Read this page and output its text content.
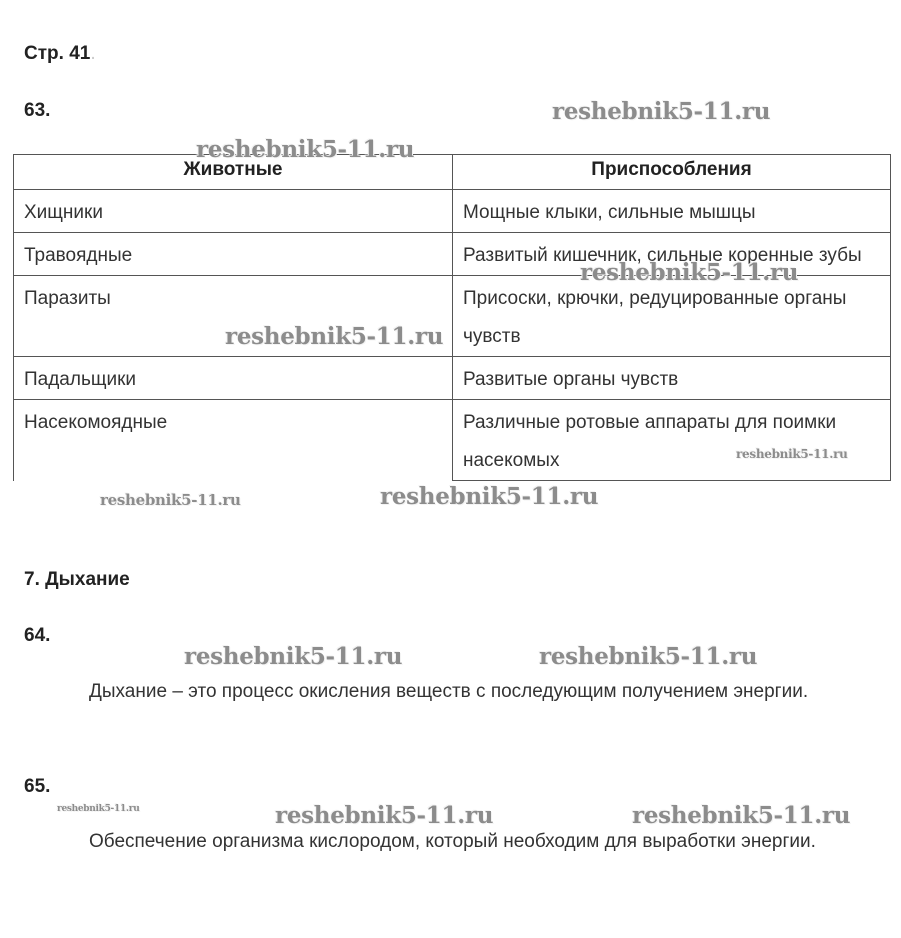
Стр. 41.
63.
Животные	Приспособления
Хищники	Мощные клыки, сильные мышцы
Травоядные	Развитый кишечник, сильные коренные зубы
Паразиты	Присоски, крючки, редуцированные органы чувств
Падальщики	Развитые органы чувств
Насекомоядные	Различные ротовые аппараты для поимки насекомых
7. Дыхание
64.
Дыхание – это процесс окисления веществ с последующим получением энергии.
65.
Обеспечение организма кислородом, который необходим для выработки энергии.
reshebnik5-11.ru
reshebnik5-11.ru
reshebnik5-11.ru
reshebnik5-11.ru
reshebnik5-11.ru
reshebnik5-11.ru	reshebnik5-11.ru
reshebnik5-11.ru	reshebnik5-11.ru
reshebnik5-11.ru	reshebnik5-11.ru	reshebnik5-11.ru
